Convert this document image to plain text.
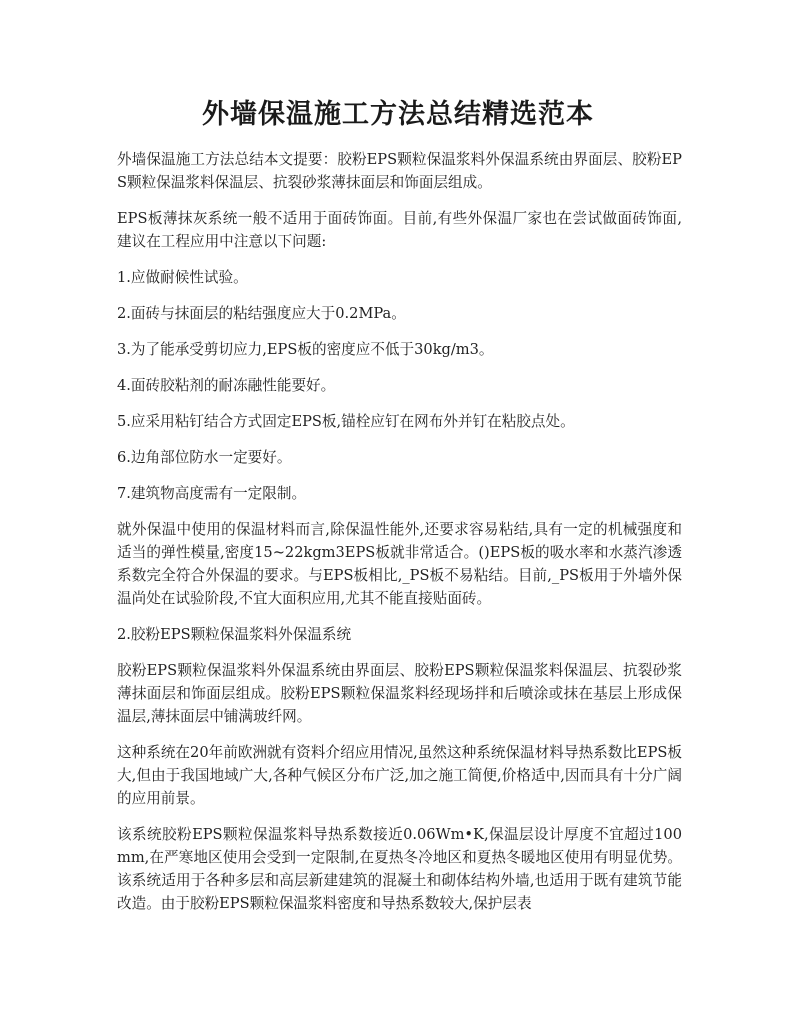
外墙保温施工方法总结精选范本

外墙保温施工方法总结本文提要：胶粉EPS颗粒保温浆料外保温系统由界面层、胶粉EPS颗粒保温浆料保温层、抗裂砂浆薄抹面层和饰面层组成。

EPS板薄抹灰系统一般不适用于面砖饰面。目前,有些外保温厂家也在尝试做面砖饰面,建议在工程应用中注意以下问题:

1.应做耐候性试验。

2.面砖与抹面层的粘结强度应大于0.2MPa。

3.为了能承受剪切应力,EPS板的密度应不低于30kg/m3。

4.面砖胶粘剂的耐冻融性能要好。

5.应采用粘钉结合方式固定EPS板,锚栓应钉在网布外并钉在粘胶点处。

6.边角部位防水一定要好。

7.建筑物高度需有一定限制。

就外保温中使用的保温材料而言,除保温性能外,还要求容易粘结,具有一定的机械强度和适当的弹性模量,密度15~22kgm3EPS板就非常适合。()EPS板的吸水率和水蒸汽渗透系数完全符合外保温的要求。与EPS板相比,_PS板不易粘结。目前,_PS板用于外墙外保温尚处在试验阶段,不宜大面积应用,尤其不能直接贴面砖。

2.胶粉EPS颗粒保温浆料外保温系统

胶粉EPS颗粒保温浆料外保温系统由界面层、胶粉EPS颗粒保温浆料保温层、抗裂砂浆薄抹面层和饰面层组成。胶粉EPS颗粒保温浆料经现场拌和后喷涂或抹在基层上形成保温层,薄抹面层中铺满玻纤网。

这种系统在20年前欧洲就有资料介绍应用情况,虽然这种系统保温材料导热系数比EPS板大,但由于我国地域广大,各种气候区分布广泛,加之施工简便,价格适中,因而具有十分广阔的应用前景。

该系统胶粉EPS颗粒保温浆料导热系数接近0.06Wm•K,保温层设计厚度不宜超过100mm,在严寒地区使用会受到一定限制,在夏热冬冷地区和夏热冬暖地区使用有明显优势。该系统适用于各种多层和高层新建建筑的混凝土和砌体结构外墙,也适用于既有建筑节能改造。由于胶粉EPS颗粒保温浆料密度和导热系数较大,保护层表
